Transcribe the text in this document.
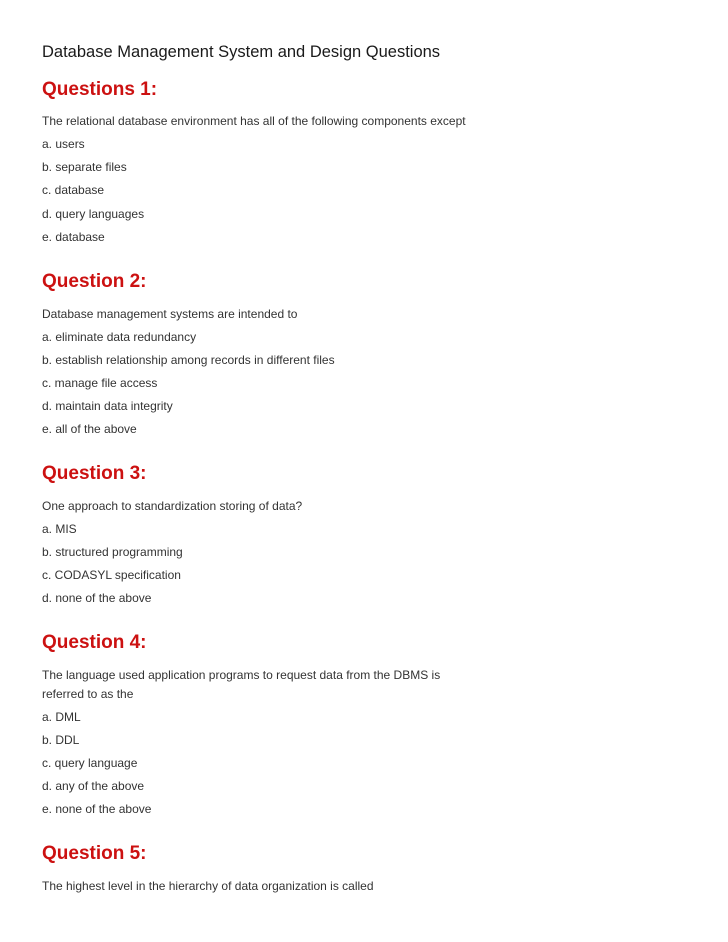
Database Management System and Design Questions
Questions 1:
The relational database environment has all of the following components except
a. users
b. separate files
c. database
d. query languages
e. database
Question 2:
Database management systems are intended to
a. eliminate data redundancy
b. establish relationship among records in different files
c. manage file access
d. maintain data integrity
e. all of the above
Question 3:
One approach to standardization storing of data?
a. MIS
b. structured programming
c. CODASYL specification
d. none of the above
Question 4:
The language used application programs to request data from the DBMS is
referred to as the
a. DML
b. DDL
c. query language
d. any of the above
e. none of the above
Question 5:
The highest level in the hierarchy of data organization is called
